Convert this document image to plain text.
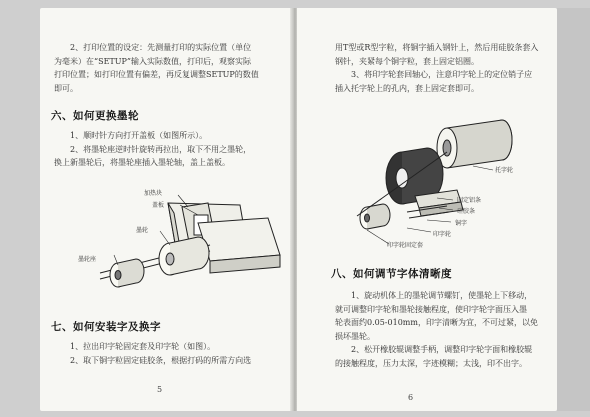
2、打印位置的设定：先测量打印的实际位置（单位
为毫米）在“SETUP”输入实际数值，打印后，观察实际
打印位置；如打印位置有偏差，再反复调整SETUP的数值
即可。
六、如何更换墨轮
1、顺时针方向打开盖板（如图所示）。
2、将墨轮座逆时针旋转再拉出，取下不用之墨轮，
换上新墨轮后，将墨轮座插入墨轮轴，盖上盖板。
加热块
盖板
墨轮
墨轮座
七、如何安装字及换字
1、拉出印字轮固定套及印字轮（如图）。
2、取下铜字粒固定硅胶条，根据打码的所需方向选
5
用T型或R型字粒，将铜字插入钢针上，然后用硅胶条套入
钢针，夹紧每个铜字粒，套上固定铝圈。
3、将印字轮套回轴心，注意印字轮上的定位销子应
插入托字轮上的孔内，套上固定套即可。
托字轮
固定铝条
硅胶条
铜字
印字轮
印字轮固定套
八、如何调节字体清晰度
1、旋动机体上的墨轮调节螺钉，使墨轮上下移动，
就可调整印字轮和墨轮接触程度，使印字轮字面压入墨
轮表面约0.05-010mm，印字清晰为宜，不可过紧，以免
损坏墨轮。
2、松开橡胶辊调整手柄，调整印字轮字面和橡胶辊
的接触程度，压力太深，字迹模糊；太浅，印不出字。
6
